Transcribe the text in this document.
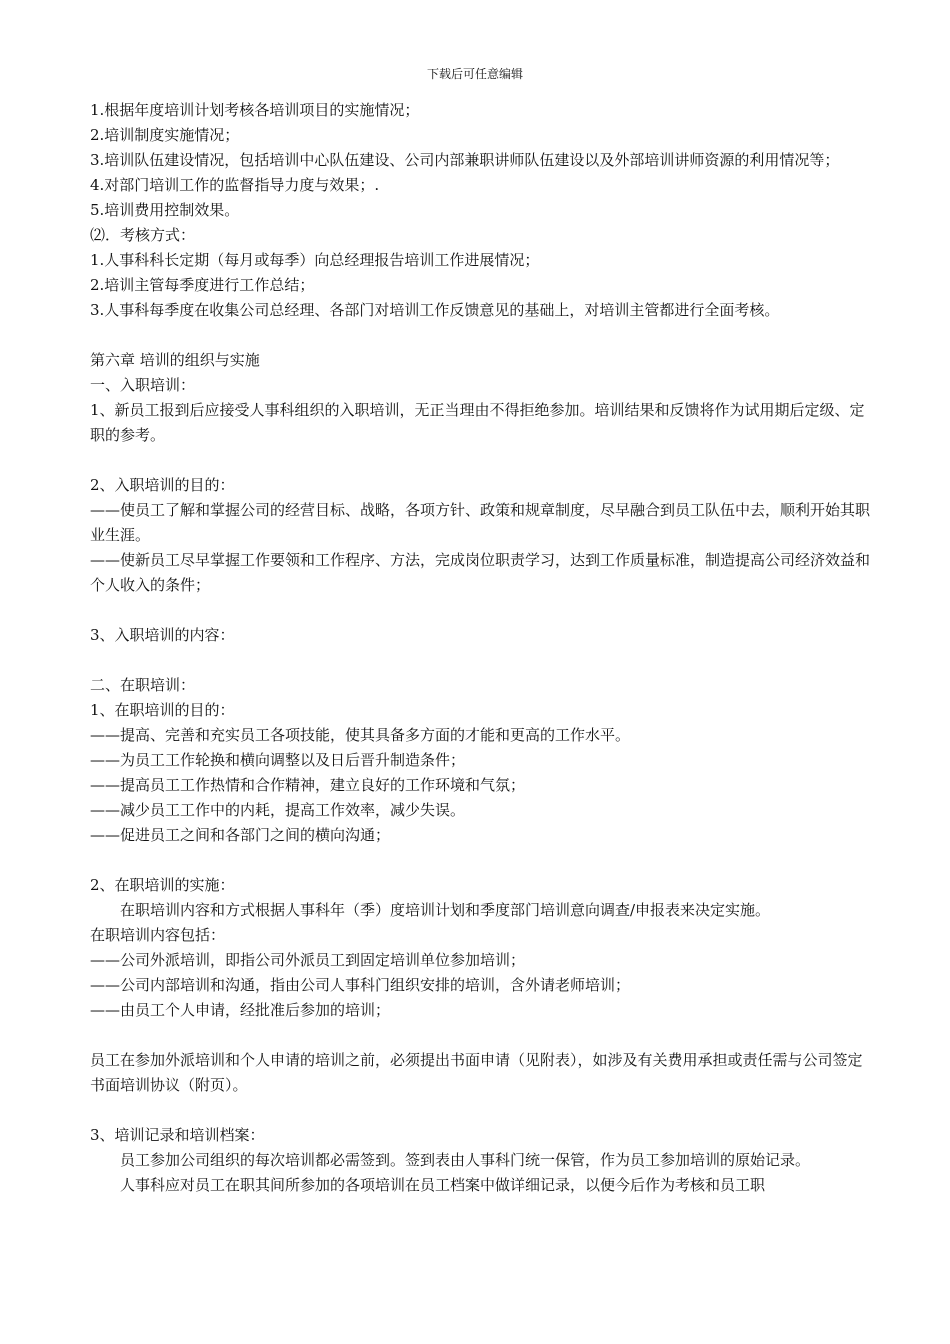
下载后可任意编辑
1.根据年度培训计划考核各培训项目的实施情况；
2.培训制度实施情况；
3.培训队伍建设情况，包括培训中心队伍建设、公司内部兼职讲师队伍建设以及外部培训讲师资源的利用情况等；
4.对部门培训工作的监督指导力度与效果；.
5.培训费用控制效果。
⑵．考核方式：
1.人事科科长定期（每月或每季）向总经理报告培训工作进展情况；
2.培训主管每季度进行工作总结；
3.人事科每季度在收集公司总经理、各部门对培训工作反馈意见的基础上，对培训主管都进行全面考核。
第六章 培训的组织与实施
一、入职培训：
1、新员工报到后应接受人事科组织的入职培训，无正当理由不得拒绝参加。培训结果和反馈将作为试用期后定级、定职的参考。
2、入职培训的目的：
——使员工了解和掌握公司的经营目标、战略，各项方针、政策和规章制度，尽早融合到员工队伍中去，顺利开始其职业生涯。
——使新员工尽早掌握工作要领和工作程序、方法，完成岗位职责学习，达到工作质量标准，制造提高公司经济效益和个人收入的条件；
3、入职培训的内容：
二、在职培训：
1、在职培训的目的：
——提高、完善和充实员工各项技能，使其具备多方面的才能和更高的工作水平。
——为员工工作轮换和横向调整以及日后晋升制造条件；
——提高员工工作热情和合作精神，建立良好的工作环境和气氛；
——减少员工工作中的内耗，提高工作效率，减少失误。
——促进员工之间和各部门之间的横向沟通；
2、在职培训的实施：
在职培训内容和方式根据人事科年（季）度培训计划和季度部门培训意向调查/申报表来决定实施。
在职培训内容包括：
——公司外派培训，即指公司外派员工到固定培训单位参加培训；
——公司内部培训和沟通，指由公司人事科门组织安排的培训，含外请老师培训；
——由员工个人申请，经批准后参加的培训；
员工在参加外派培训和个人申请的培训之前，必须提出书面申请（见附表），如涉及有关费用承担或责任需与公司签定书面培训协议（附页）。
3、培训记录和培训档案：
员工参加公司组织的每次培训都必需签到。签到表由人事科门统一保管，作为员工参加培训的原始记录。
人事科应对员工在职其间所参加的各项培训在员工档案中做详细记录，以便今后作为考核和员工职
